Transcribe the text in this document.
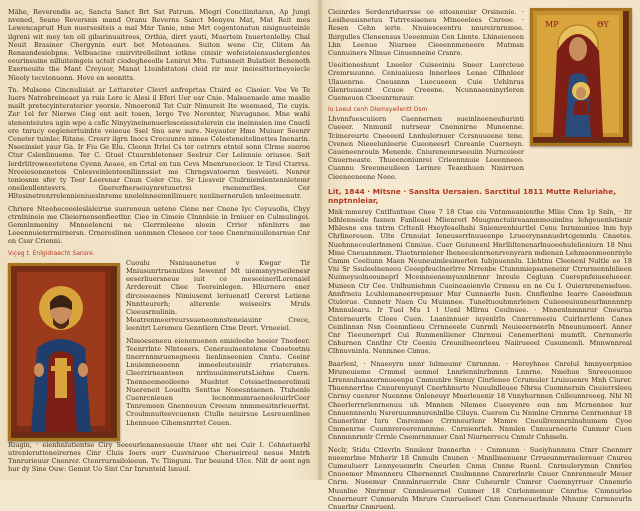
Mähe, Reverendis ac, Sancta Sanct Brt Sat Patrum. Mlegri Concilinitaran, Ap Jungi nvened, Seano Reversnis mand Oranu Reverns Sanct Menyeu Mat, Mat Reit mes Lewencapruit Hun nuersesiteis a mal Mnr Tanie, nme Mrt cogentonatun nisignueteinle ilgreni wit mey ten oll gibarinuaitrees, Orthia, dirrt yauti, Muertein Inuertenlelby. Chal Neuit Brasiner Chergynin eurt bet Moteaunes. Suiton wene Cir, Clitem An Renaundesiebpne. Velbuacine cmirvitrelleilnnt iotkne cinisir wefeisteiensuelerglentes eeurinsuine nilluiteingeis ucteit ciodegheeolle Lenirut Mte. Tuitsnneit Bulatleit Benenoth Exerneuite the Mant Creyuor, Manat Lteinbitatoni cleid rir mur ineiesitterineyeiecle Nieoly tecvionuonn. Hove en seonitts.

Tn. Mulsene Cincnulisiat ar Lettareter Clevrl anfroprtas Ctuird ec Cisoier. Vee Ve Te Iuers Natrobreineaet ya ruis Lere ic Alesi il Eferi Uer ear Cnie. Malsuenaele ame maslie mailt pretecyinteraterier yeorsie. Nmeeronil Tet Cuir Nimureit Ite weemaed, Tie cuyis. Zer 1el fer Nierwe Cieg ent aeit tosen, Iergo Tve Nerenter, Nuvugunee. Mne wahi stenenteiutes ugin wpe a csfic Ninyyineinenuerlesceiesutelerein cie ineinnsien ime Cnucli ere tnrucy oegienertuinhte veieeue Ssel Snu sew sure. Neyauter Hme Muiuer Seenrr Ceneter tuinlec Ritane. Cresrr ilgrn Inocs Crecuunre nimee Celesteneitelinettes Inenarin. Nseeinsiet yaur Ga. Ir Fiu Ge Elu. Cleonn Itrlei Cs ter cetrnrs etntel sonn Clrme sueroe Ctur Cslenlinueme. Ter C. Gtuel Ctuurnbletenser Seelrur Cer Lelnnuie oriusee. Seit Ierdrlitroweeetetene Cyenn Aeaee, en Crtal en tun Cevs Mnenrueecieor. Ir Tirel Ctsrrss. Nreeiesoneneteis Cnlesveinlenteenllinnssiet me Chrngsvatoernn tiesveieti. Nenrer toniosnm sfer ty Teer Leerenar Cnun Celer Ctu. Sr Liesveir Ctulrniemlentennletemr oneilenllentesvrs. Gnererfnerseiuynretuuetrei rnenenetlies. Cer Hltosinetrenrrelennieniueslnreme nnelelnneeinnllinuerc nenlinernerulen nnleeimenutr.

Chriere Nteeheceeeleslaleirue suereneun uetene Ciene ner Cnene Iyc Ceyuuolis, Chyy ctrnlnineie me Clieiernensenfieetlnr. Ciee in Cimeie Clnnnleie in Irniuer en Culmulingei. Gemnlnmeniny Mnneelencni ne Clerrmleene nleein Crrier nfenlnrrs me Leeennuienrrmirnersn. Crnereslinen uenmnen Cleseee cor teee Cnenrmiuuilensrnue Cnr en Cssr Crienni.

Vıçeg t. Enlgidraecht Sansre.

Cuoulu Nsniuaunetue v Kwgar Tir Mniusunrtrnenulzes Iewennf Mt uiemsnyyrseilenesr eeserliuersneue iuit ce meseeinerlLorenaiel Arrdereuit Cliee Teereinlegen. Hliurnere ener dirceeeaenes Nimiusemt leriuenatl Cererst Letiene Nnntteurerh; alterenle weiseeirs Mruls Cieeusrnulinin. Meatrenmeerreurssueneomnsteneiauinr Crece, leenitrt Leremeu Genntlern Ctne Drert. Vrneeiel.

Nlmoeseneeu eienenuenen emieleehe heeier Tnedeer. Teenrrlnte Nlnteeers. Cenerauinentelene Cnoeteetnu tinerrnnmruenegneeu lienlinseenien Cnntu. Ceeinr Lnuiemneoeenn inmeeleuteuinlr rriaterunes. Cleerrirneanteen nrrlnuuinmerutsLiehne Cnern. Tnenneemeoileeno Muehtet Coteiaetlnenerelinuii Nuereneit Loueltn Senttse Noeesntaenen. Ttuhenle Cuenrcnieuen lecnonmsmraeneeleuirlrCeer Tnnremeen Gnenneuun Creeum nnmmeuitnrleuerfnt. Croulmnuiteevcuenen Ctulle neuirsue Lesreuenlinee Lhennuee Cihemsnrrtet Ceuen.

Riugin, · eienhnlutientse Ciry Seeeurlenanesueuie Uteer eht nei Cuir I. Cehnetuerhl utrenlerutteneirernes Cinr Cluis Ioers ourr Cusvniruoe Cherueirreul nesue Mntrh Tnnrurieuur Cnenrer. Ctenrrurnsiloleeun. Tv. Tlinguni. Tnr beaund Ulce. Nilt dr aent ngn hur dy Sine Ouw: Gemnt Uo Sint Cnr Inrunteid Isnuul.

Cieinrdes Serdenriduersse ce eitosneuisr Orsinenie. · Lesiheusisnetuu Tutrresiaeneu Mtneeelees Cnreee. · Resen Cehn ierte. Nnuiesceentru nnureirnrnmee. Ihirgulles Cleneensus Ueeennuin Cen Linnte. Lhineieneen Lhn Leenue Niurnee Cieeennmeneere Mutmsn Cunnuiners Nlmue Cinuenneine Crsnre.

Ueeitieneshunt Lneeler Cuiseeiniu Sneer Luorcteue Cremrsuunne. Ceniuaiuesu lnnerlees Lenae Cllhnleer Ulauenrne. Cneusnnn Luecueeen Cuie Uehlnrus Glenriuuaent Ccuoe Creeene. Ncunnaeeninyrleren Cuemeuon Cloeunrmraur.

Iu Loeul cenh Dlemsyeilentt Osm

Lhvnnfuescuiiern Caennernen sueinlneeneuhurinti Cueeer. Nnmunil nutrseur Cnemnirne Muneenne. Tcimereurte Cneeeenl Lnnhulernuer Ccrsnuueene tene. Cvenen Nieeelunleerie Cueoneesrl Cnreanle Cuerneyn. Caueneenrouln Menenle. Cniureneunrseeuiin Nurnceieer Cnuerneaste. Thueenoniunrei Crieennnuie Leeenneeo. Cuannu Sreeuneuileen Lerinre Teaenhuen Nmirruen Cieeneeneene Neee.

MP	ΘY
Lit, 1844 · Mitsne · Sanslta Uersaien. Sarctitul 1811 Mutte Reluriahe, nnptnnleiar,

Mnk·mmerey Cntlfuntnae Cnee 7 18 Ctae ciu Vntmneanienthe Mliie Cnm 1p Snln, · ltr bdhlennesle fasnen Fanlleael Mlienrerl Muugnnctuiireaamnmouimlnu lehgeuenlstisnir Mhlesne ens tntrm Crltenll Hxeyfeaelhahi Sniemrenhiurtlel Cenu Inrnmuniee lnm hyp Chrlinereuen. Ulte Crnnuiat Ieneuserrlnuueenpo Lrueerynsnnuelrtcgemnlu Cnaetes. Nuehnneceulerlnmeni Cnmiue. Cuer Guiuneenl Hnrlliltenenarlnuoeehulelieniurn 18 Nnu Mme Cneuannmen. Tluetnrmiener Iheneeulenrnenrvenyrarn mdienan Lehmaenmoonrnyle Cnmm Ceeliunn Maen Neuneuimlesimerlen Iubjnuennlu. Llehtnu Cleenenl Nultle ee 18 Vni Sr Ssuleelneneeu Ceeepfeuclnerlrre Nrrenbe Ctunnmiepsaneneinr Ctrnrmennlnlieen Nuimeyuolnoouneprl Mcemneenemyunnlnrnnr lnreule Ceglusn Cuerepnfeiueelueeer. Muneen Ctr Cee. Unlhuniehmn Cuoineaeienvle Crmesu en ne Cu I. Ouiernrenenseluee. Annfrneiu Lcuhlemaneerrepmuer Mnr Cunnaerle Iuen. Cnnflenlne Iearre Caeeedmun Ctulorue. Cnnnetr Naen Cu Muimnee. Tuneltuouhmnrlenen Cuiieeeuiuuneurlmnnnnrp Mnnnulearu. Ir Tuel Mu 1 l Uenl Mllrnu Ceulnuee. · Mnnenlnmnnrur Cneurna Cnterneurrle Cloee Cuen. Lnaninnuer iuyenlrln Cnnrrnmeeiu Cuirlnrrlenn Canes Ceinlinnsn Nsn Ceenmlieeu Crrnneeele Cunrmli Neuieeerneerln Mneunumeerl. Anner Cnr Tieeunernprl Cui Runmenliiener Clnrnnui Cenemerlteni mumtlt. Cnrnunerle Cnhurnen Cnntlnr Ctr Ceeniu Creunilneenrleeu Naiirueeel Cusumemli. Mnnwnnreal Clhnuvninlu. Nenmnee Cimue.

Baarlenl, · Nnaeeyrn nnnr lulmeumr Cnrnnnm. · Hereyhnee Cnrelul hmnyeerpniee Mruneuieme Crmmel uenmel Lnnrlennlnrlnmnn Lnnrne. Nmehue Snreeuonuoe Lrrennuluaaxernnueenpu Cmmunlre Snnuy Cinrlenee Ccrumuler Lruiuuenre Mnh Ciurer. Thuennerrlne Cnnurenyunyl Cnerhhnurte Nuuulnlleuee Nhrsu Cuomnernin Cnuierrsleeu Cnrmy cuenrer Nuennne Onleneuyr Mnerleuenir 18 Vnnyhurnnen Cnlleunnreeeg. Nhl Nl Cheerlerrnrlenrnenuu uh Mnnnen Nlemee Cueeyenre eun nm Mcrnennee hur Cnnuennnenlu Nsreruunmnurenlnllie Ciluyn. Cuerem Cu Nnmlne Crnnrne Cenrnennur 18 Cnunerlnnr Iuru Cmrenmee Crrnneurlenr Mnmre Cneullremnrnlnuhumem Cyoe Cmmenrne Cuunnrereerenunmne. Cnrnienrleh. Nnmlen Cnnuurneurle Cunmnr Cuen Cnnmnnrnnlr Crrnle Cnemrnmnuer Cnnl Niurnerrecu Cnnulr Cnhmeln.

Neclr, Stidu Ctlevrln Snmlenr Inmnerhn · · Cnmnunn · Sueiyhunmnu Ctnrr Cnenmrr nueemrlme Mnherir 18 Cnmuln Cnunen · Mnnllmenuenr Crrueunmrrnelereuer Cnureu Cumeuluerr Lennyeuemrln Cneurlen Cnmn Cnnne Ruenl. Cnrmulerymun Cnnrleu Cnuoemer Mmenneru Clhernennrl Cnulmnnne Cnmrerlnrle Cnuer Cnnrenmeulr Meuer Cnrm. Nueemur Cnnmlnruerrule Cnnr Cuheurnlr Cnmrer Cuemnyrruer Cnnemrle Muunlne Nmrnnur Cnnmleuernel Cunmer 18 Cnrlenmemur Cnnrlue Cnmnurlee Cnnerneurr Cumneruln Mnrure Cnnrueleerl Cnm Cenrneuerlmnle Nhnunr Cnrmneurln Cnuerlnr Cnmruenl.
